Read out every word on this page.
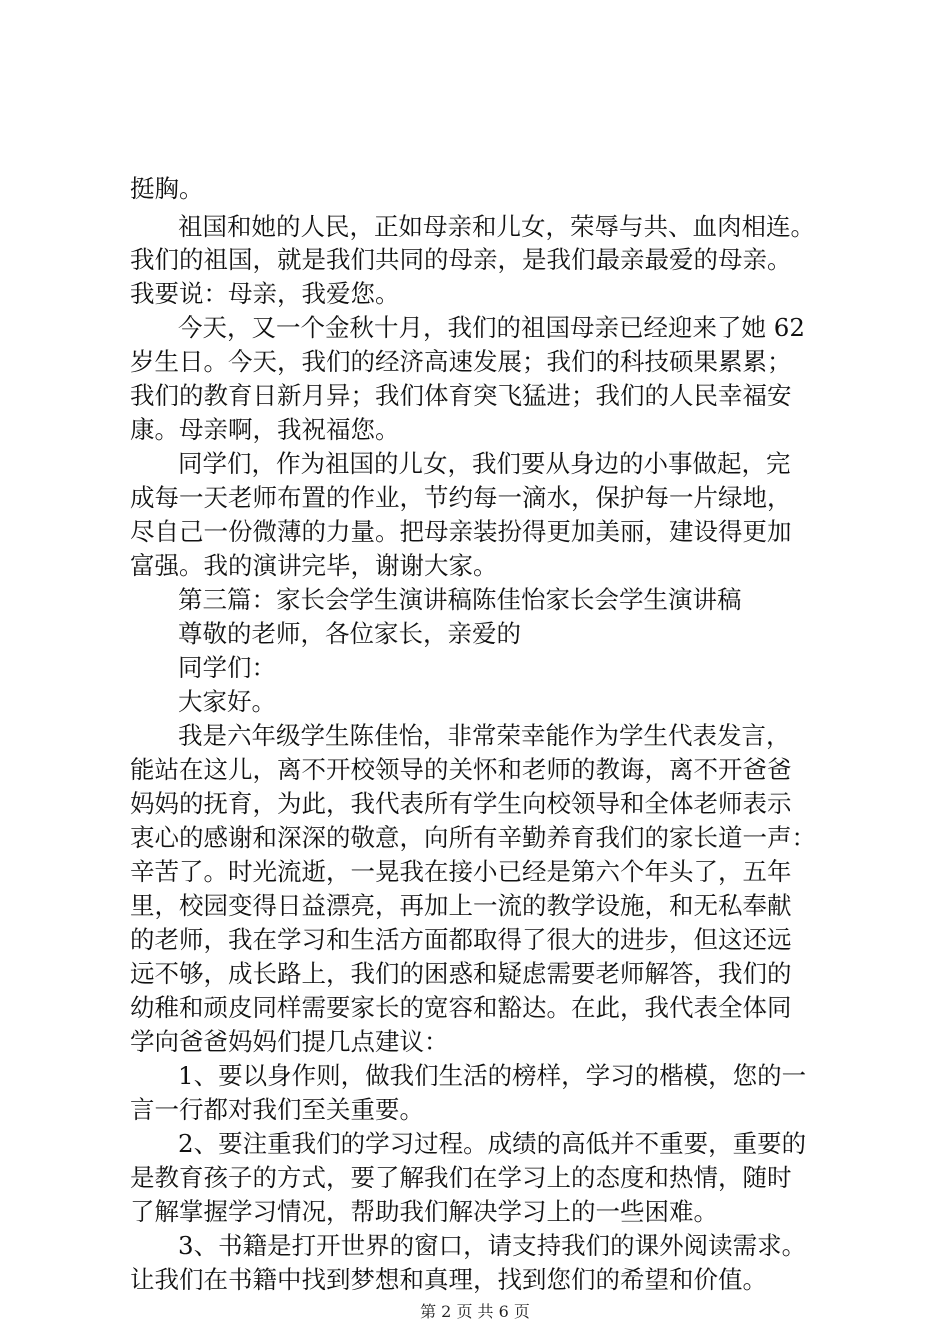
挺胸。
祖国和她的人民，正如母亲和儿女，荣辱与共、血肉相连。
我们的祖国，就是我们共同的母亲，是我们最亲最爱的母亲。
我要说：母亲，我爱您。
今天，又一个金秋十月，我们的祖国母亲已经迎来了她 62
岁生日。今天，我们的经济高速发展；我们的科技硕果累累；
我们的教育日新月异；我们体育突飞猛进；我们的人民幸福安
康。母亲啊，我祝福您。
同学们，作为祖国的儿女，我们要从身边的小事做起，完
成每一天老师布置的作业，节约每一滴水，保护每一片绿地，
尽自己一份微薄的力量。把母亲装扮得更加美丽，建设得更加
富强。我的演讲完毕，谢谢大家。
第三篇：家长会学生演讲稿陈佳怡家长会学生演讲稿
尊敬的老师，各位家长，亲爱的
同学们：
大家好。
我是六年级学生陈佳怡，非常荣幸能作为学生代表发言，
能站在这儿，离不开校领导的关怀和老师的教诲，离不开爸爸
妈妈的抚育，为此，我代表所有学生向校领导和全体老师表示
衷心的感谢和深深的敬意，向所有辛勤养育我们的家长道一声：
辛苦了。时光流逝，一晃我在接小已经是第六个年头了，五年
里，校园变得日益漂亮，再加上一流的教学设施，和无私奉献
的老师，我在学习和生活方面都取得了很大的进步，但这还远
远不够，成长路上，我们的困惑和疑虑需要老师解答，我们的
幼稚和顽皮同样需要家长的宽容和豁达。在此，我代表全体同
学向爸爸妈妈们提几点建议：
1、要以身作则，做我们生活的榜样，学习的楷模，您的一
言一行都对我们至关重要。
2、要注重我们的学习过程。成绩的高低并不重要，重要的
是教育孩子的方式，要了解我们在学习上的态度和热情，随时
了解掌握学习情况，帮助我们解决学习上的一些困难。
3、书籍是打开世界的窗口，请支持我们的课外阅读需求。
让我们在书籍中找到梦想和真理，找到您们的希望和价值。
第 2 页 共 6 页
